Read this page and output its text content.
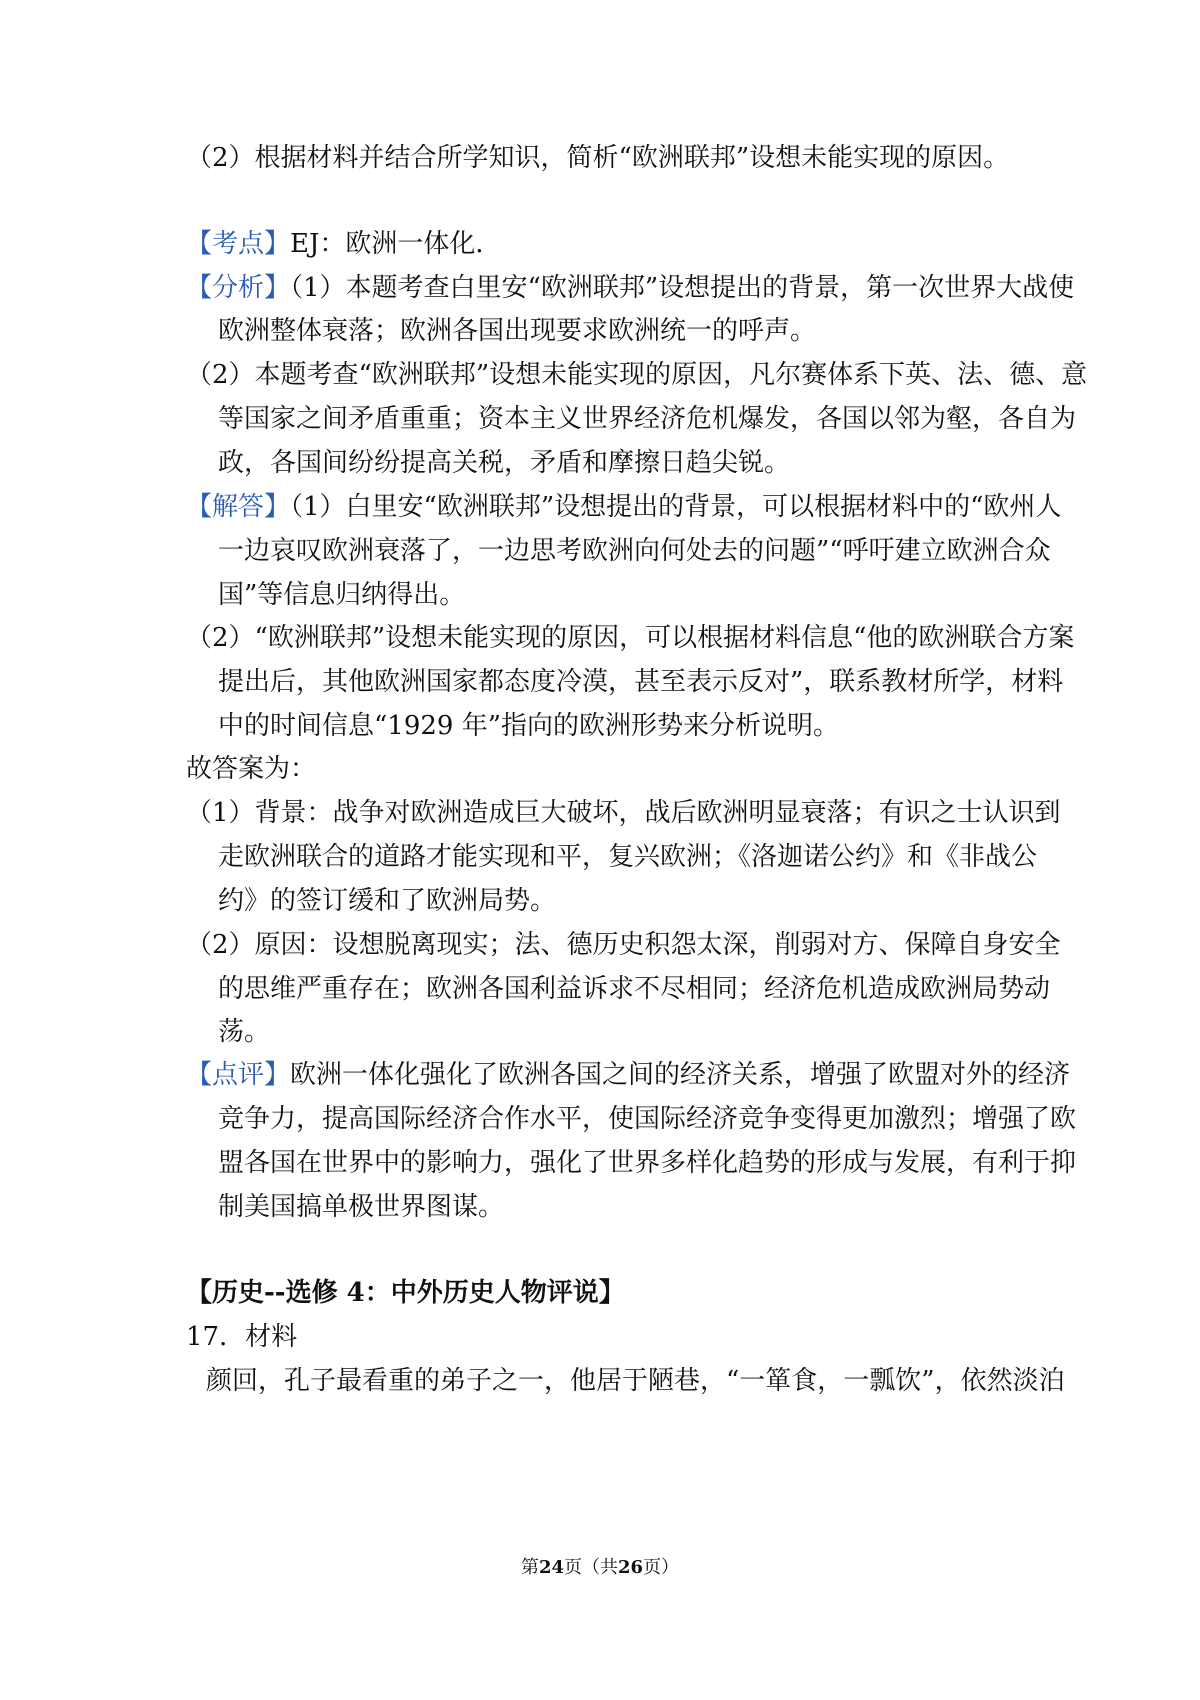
（2）根据材料并结合所学知识，简析“欧洲联邦”设想未能实现的原因。
【考点】EJ：欧洲一体化．
【分析】（1）本题考查白里安“欧洲联邦”设想提出的背景，第一次世界大战使
欧洲整体衰落；欧洲各国出现要求欧洲统一的呼声。
（2）本题考查“欧洲联邦”设想未能实现的原因，凡尔赛体系下英、法、德、意
等国家之间矛盾重重；资本主义世界经济危机爆发，各国以邻为壑，各自为
政，各国间纷纷提高关税，矛盾和摩擦日趋尖锐。
【解答】（1）白里安“欧洲联邦”设想提出的背景，可以根据材料中的“欧州人
一边哀叹欧洲衰落了，一边思考欧洲向何处去的问题”“呼吁建立欧洲合众
国”等信息归纳得出。
（2）“欧洲联邦”设想未能实现的原因，可以根据材料信息“他的欧洲联合方案
提出后，其他欧洲国家都态度冷漠，甚至表示反对”，联系教材所学，材料
中的时间信息“1929 年”指向的欧洲形势来分析说明。
故答案为：
（1）背景：战争对欧洲造成巨大破坏，战后欧洲明显衰落；有识之士认识到
走欧洲联合的道路才能实现和平，复兴欧洲；《洛迦诺公约》和《非战公
约》的签订缓和了欧洲局势。
（2）原因：设想脱离现实；法、德历史积怨太深，削弱对方、保障自身安全
的思维严重存在；欧洲各国利益诉求不尽相同；经济危机造成欧洲局势动
荡。
【点评】欧洲一体化强化了欧洲各国之间的经济关系，增强了欧盟对外的经济
竞争力，提高国际经济合作水平，使国际经济竞争变得更加激烈；增强了欧
盟各国在世界中的影响力，强化了世界多样化趋势的形成与发展，有利于抑
制美国搞单极世界图谋。
【历史--选修 4：中外历史人物评说】
17．材料
颜回，孔子最看重的弟子之一，他居于陋巷，“一箪食，一瓢饮”，依然淡泊
第24页（共26页）
